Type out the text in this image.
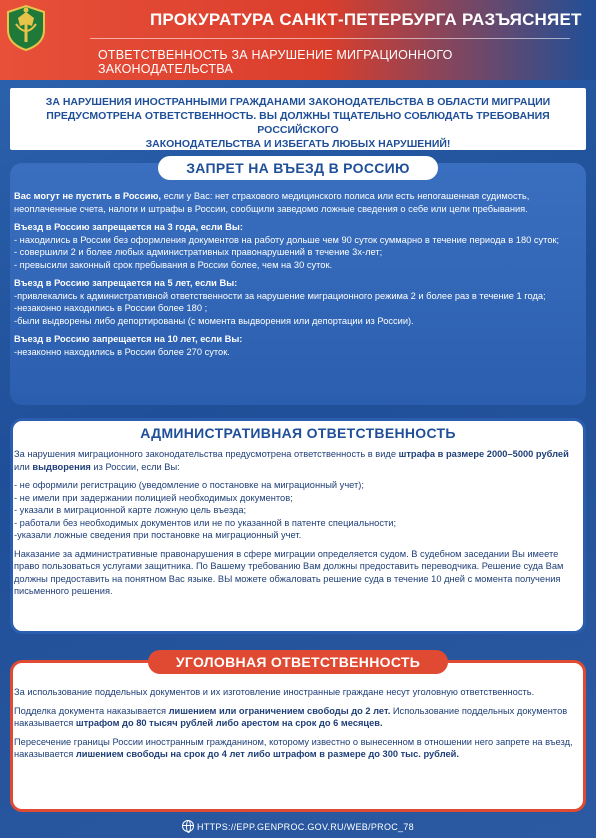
ПРОКУРАТУРА САНКТ-ПЕТЕРБУРГА РАЗЪЯСНЯЕТ
ОТВЕТСТВЕННОСТЬ ЗА НАРУШЕНИЕ МИГРАЦИОННОГО ЗАКОНОДАТЕЛЬСТВА
ЗА НАРУШЕНИЯ ИНОСТРАННЫМИ ГРАЖДАНАМИ ЗАКОНОДАТЕЛЬСТВА В ОБЛАСТИ МИГРАЦИИ
ПРЕДУСМОТРЕНА ОТВЕТСТВЕННОСТЬ. ВЫ ДОЛЖНЫ ТЩАТЕЛЬНО СОБЛЮДАТЬ ТРЕБОВАНИЯ РОССИЙСКОГО
ЗАКОНОДАТЕЛЬСТВА И ИЗБЕГАТЬ ЛЮБЫХ НАРУШЕНИЙ!
ЗАПРЕТ НА ВЪЕЗД В РОССИЮ
Вас могут не пустить в Россию, если у Вас: нет страхового медицинского полиса или есть непогашенная судимость, неоплаченные счета, налоги и штрафы в России, сообщили заведомо ложные сведения о себе или цели пребывания.
Въезд в Россию запрещается на 3 года, если Вы:
- находились в России без оформления документов на работу дольше чем 90 суток суммарно в течение периода в 180 суток;
- совершили 2 и более любых административных правонарушений в течение 3х-лет;
- превысили законный срок пребывания в России более, чем на 30 суток.
Въезд в Россию запрещается на 5 лет, если Вы:
-привлекались к административной ответственности за нарушение миграционного режима 2 и более раз в течение 1 года;
-незаконно находились в России более 180 ;
-были выдворены либо депортированы (с момента выдворения или депортации из России).
Въезд в Россию запрещается на 10 лет, если Вы:
-незаконно находились в России более 270 суток.
АДМИНИСТРАТИВНАЯ ОТВЕТСТВЕННОСТЬ
За нарушения миграционного законодательства предусмотрена ответственность в виде штрафа в размере 2000–5000 рублей или выдворения из России, если Вы:
- не оформили регистрацию (уведомление о постановке на миграционный учет);
- не имели при задержании полицией необходимых документов;
- указали в миграционной карте ложную цель въезда;
- работали без необходимых документов или не по указанной в патенте специальности;
-указали ложные сведения при постановке на миграционный учет.
Наказание за административные правонарушения в сфере миграции определяется судом. В судебном заседании Вы имеете право пользоваться услугами защитника. По Вашему требованию Вам должны предоставить переводчика. Решение суда Вам должны предоставить на понятном Вас языке. ВЫ можете обжаловать решение суда в течение 10 дней с момента получения письменного решения.
УГОЛОВНАЯ ОТВЕТСТВЕННОСТЬ
За использование поддельных документов и их изготовление иностранные граждане несут уголовную ответственность.
Подделка документа наказывается лишением или ограничением свободы до 2 лет. Использование поддельных документов наказывается штрафом до 80 тысяч рублей либо арестом на срок до 6 месяцев.
Пересечение границы России иностранным гражданином, которому известно о вынесенном в отношении него запрете на въезд, наказывается лишением свободы на срок до 4 лет либо штрафом в размере до 300 тыс. рублей.
HTTPS://EPP.GENPROC.GOV.RU/WEB/PROC_78
